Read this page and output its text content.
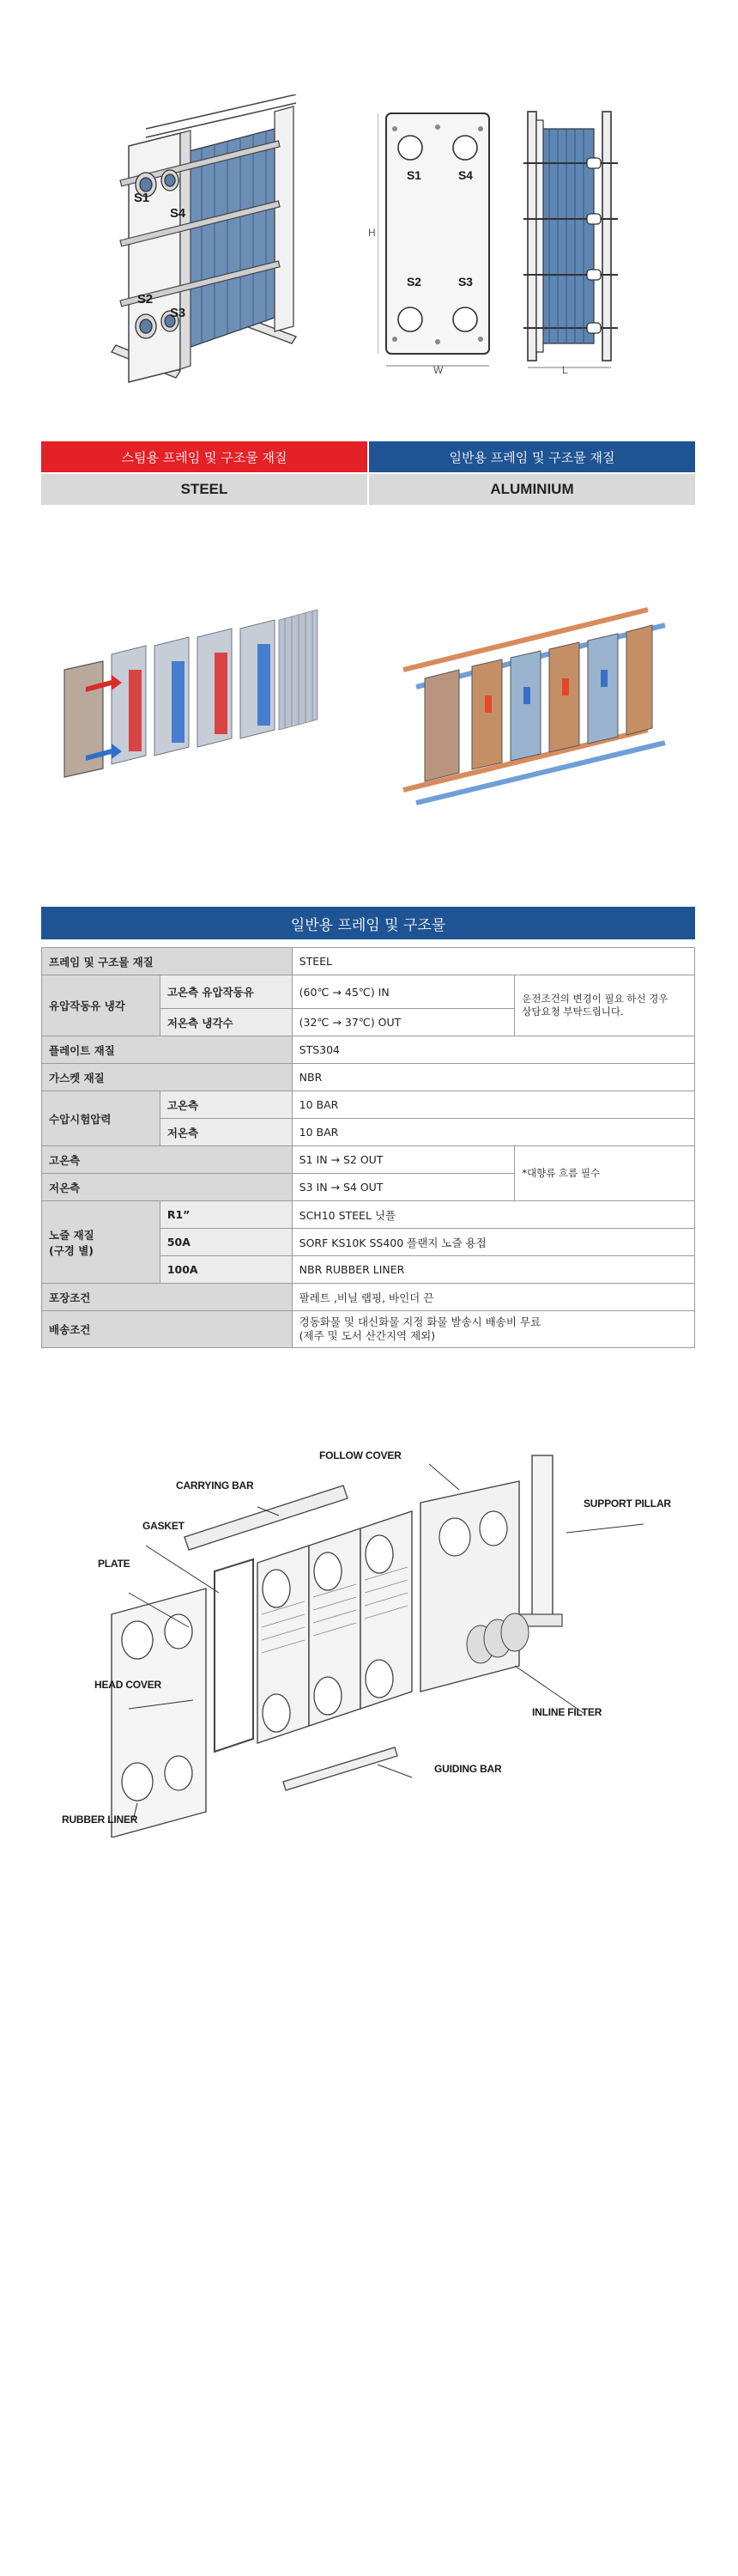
S1
S4
S2
S3
S1	S4
S2	S3
H
W	L
스팀용 프레임 및 구조물 재질	일반용 프레임 및 구조물 재질
STEEL	ALUMINIUM
일반용 프레임 및 구조물
프레임 및 구조물 재질		STEEL	
유압작동유 냉각	고온측 유압작동유	(60℃ → 45℃) IN	운전조건의 변경이 필요 하신 경우
상담요청 부탁드립니다.

	저온측 냉각수	(32℃ → 37℃) OUT	
플레이트 재질		STS304	
가스켓 재질		NBR	
수압시험압력	고온측	10 BAR	
	저온측	10 BAR	
고온측		S1 IN → S2 OUT	*대향류 흐름 필수
저온측		S3 IN → S4 OUT	

노즐 재질
(구경 별)	R1”	SCH10 STEEL 닛플	
	50A	SORF KS10K SS400 플랜지 노즐 용접	
	100A	NBR RUBBER LINER	
포장조건		팔레트 ,비닐 랩핑, 바인더 끈	
배송조건		경동화물 및 대신화물 지정 화물 발송시 배송비 무료
(제주 및 도서 산간지역 제외)	
FOLLOW COVER
CARRYING BAR
SUPPORT PILLAR
GASKET
PLATE
HEAD COVER
INLINE FILTER
GUIDING BAR
RUBBER LINER
